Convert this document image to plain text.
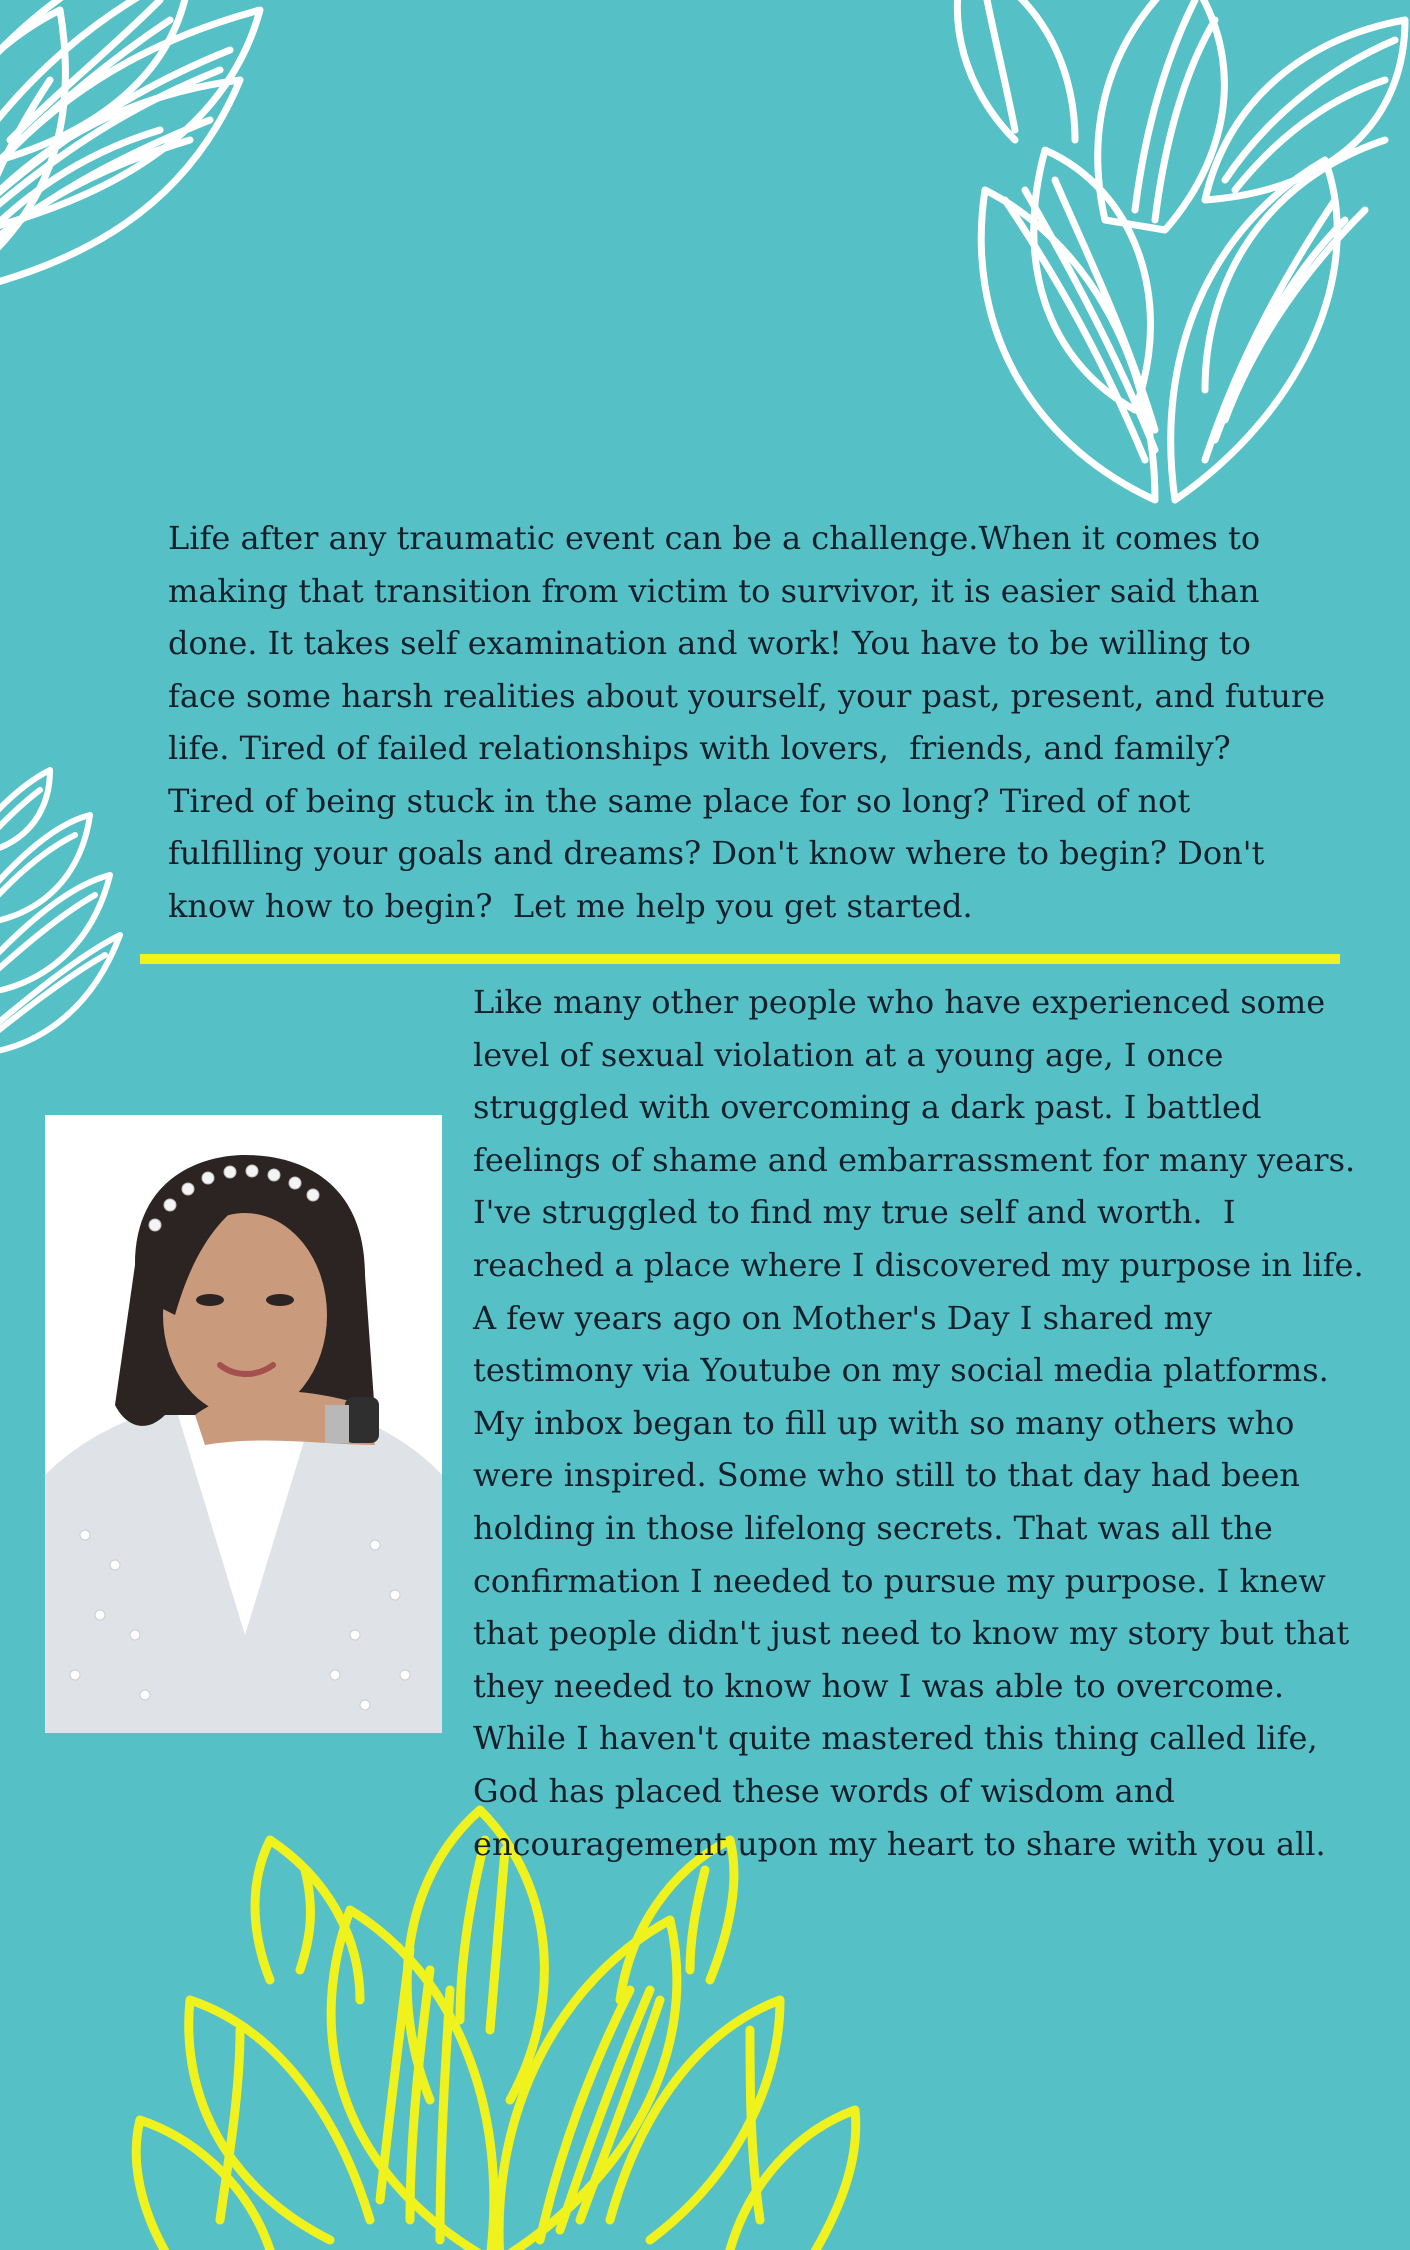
Life after any traumatic event can be a challenge.When it comes to
making that transition from victim to survivor, it is easier said than
done. It takes self examination and work! You have to be willing to
face some harsh realities about yourself, your past, present, and future
life. Tired of failed relationships with lovers,  friends, and family?
Tired of being stuck in the same place for so long? Tired of not
fulfilling your goals and dreams? Don't know where to begin? Don't
know how to begin?  Let me help you get started.

Like many other people who have experienced some
level of sexual violation at a young age, I once
struggled with overcoming a dark past. I battled
feelings of shame and embarrassment for many years.
I've struggled to find my true self and worth.  I
reached a place where I discovered my purpose in life.
A few years ago on Mother's Day I shared my
testimony via Youtube on my social media platforms.
My inbox began to fill up with so many others who
were inspired. Some who still to that day had been
holding in those lifelong secrets. That was all the
confirmation I needed to pursue my purpose. I knew
that people didn't just need to know my story but that
they needed to know how I was able to overcome.
While I haven't quite mastered this thing called life,
God has placed these words of wisdom and
encouragement upon my heart to share with you all.
